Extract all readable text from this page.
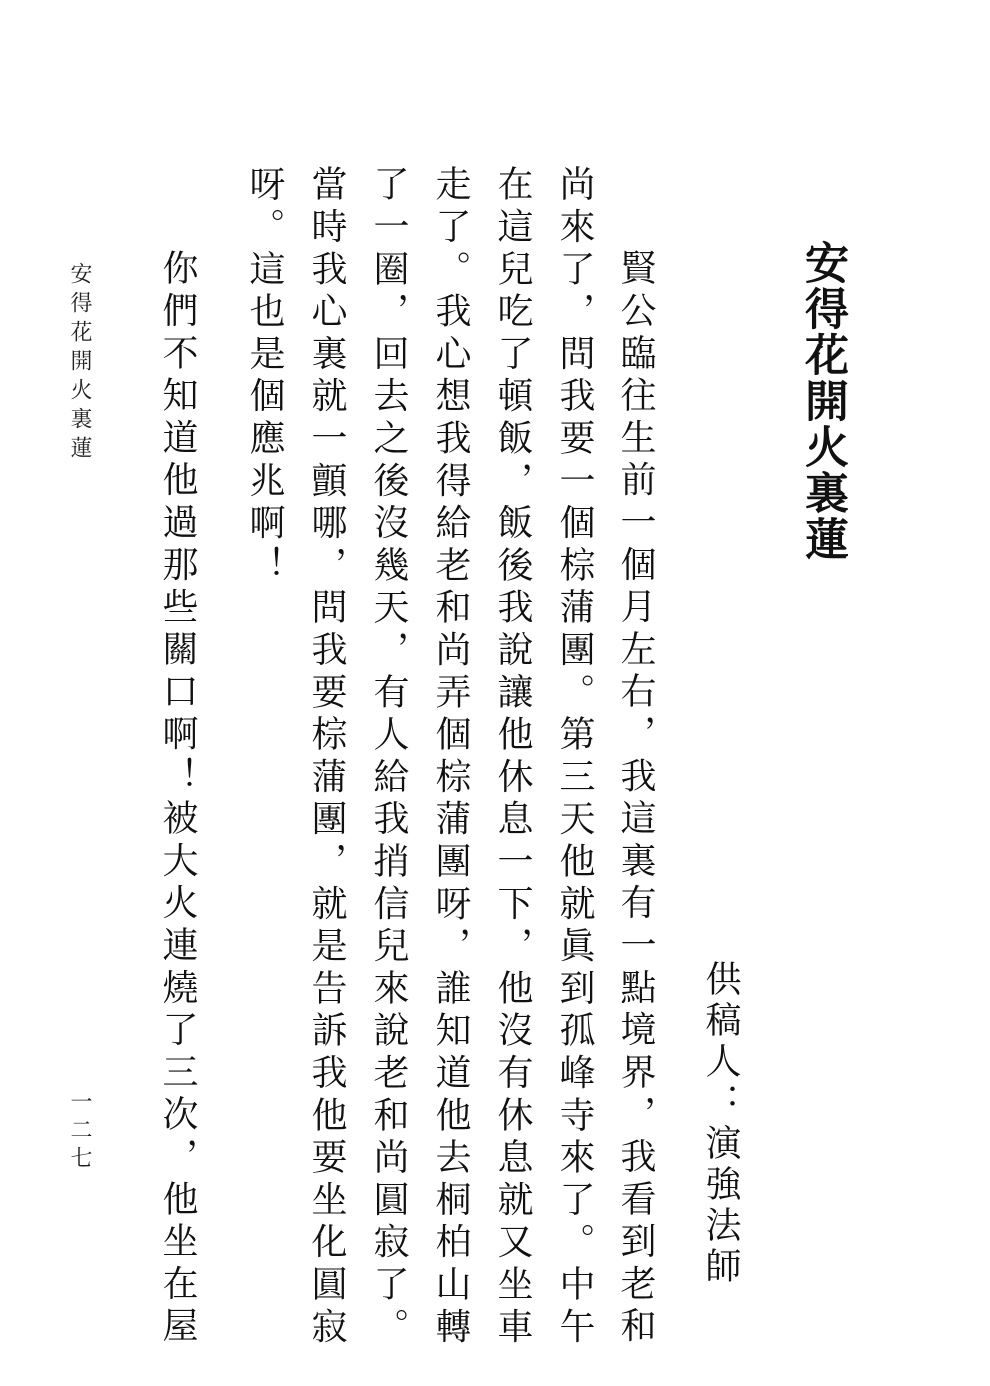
安得花開火裏蓮
供稿人：演強法師
賢公臨往生前一個月左右，我這裏有一點境界，我看到老和
尚來了，問我要一個棕蒲團。第三天他就眞到孤峰寺來了。中午
在這兒吃了頓飯，飯後我說讓他休息一下，他沒有休息就又坐車
走了。我心想我得給老和尚弄個棕蒲團呀，誰知道他去桐柏山轉
了一圈，回去之後沒幾天，有人給我捎信兒來說老和尚圓寂了。
當時我心裏就一顫哪，問我要棕蒲團，就是告訴我他要坐化圓寂
呀。這也是個應兆啊！
你們不知道他過那些關口啊！被大火連燒了三次，他坐在屋
安得花開火裏蓮
一二七
